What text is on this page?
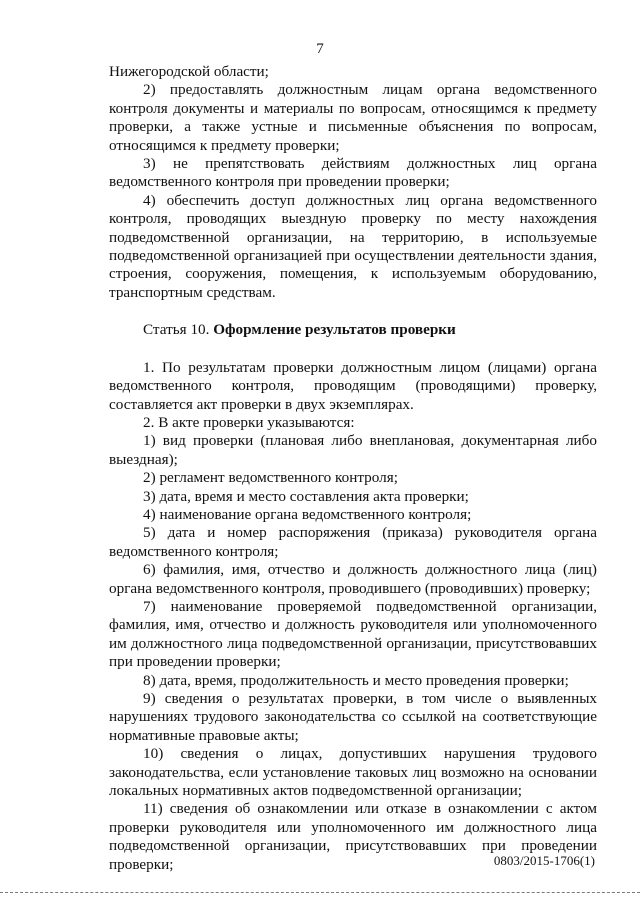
7

Нижегородской области;

2) предоставлять должностным лицам органа ведомственного контроля документы и материалы по вопросам, относящимся к предмету проверки, а также устные и письменные объяснения по вопросам, относящимся к предмету проверки;

3) не препятствовать действиям должностных лиц органа ведомственного контроля при проведении проверки;

4) обеспечить доступ должностных лиц органа ведомственного контроля, проводящих выездную проверку по месту нахождения подведомственной организации, на территорию, в используемые подведомственной организацией при осуществлении деятельности здания, строения, сооружения, помещения, к используемым оборудованию, транспортным средствам.

Статья 10. Оформление результатов проверки

1. По результатам проверки должностным лицом (лицами) органа ведомственного контроля, проводящим (проводящими) проверку, составляется акт проверки в двух экземплярах.

2. В акте проверки указываются:

1) вид проверки (плановая либо внеплановая, документарная либо выездная);

2) регламент ведомственного контроля;

3) дата, время и место составления акта проверки;

4) наименование органа ведомственного контроля;

5) дата и номер распоряжения (приказа) руководителя органа ведомственного контроля;

6) фамилия, имя, отчество и должность должностного лица (лиц) органа ведомственного контроля, проводившего (проводивших) проверку;

7) наименование проверяемой подведомственной организации, фамилия, имя, отчество и должность руководителя или уполномоченного им должностного лица подведомственной организации, присутствовавших при проведении проверки;

8) дата, время, продолжительность и место проведения проверки;

9) сведения о результатах проверки, в том числе о выявленных нарушениях трудового законодательства со ссылкой на соответствующие нормативные правовые акты;

10) сведения о лицах, допустивших нарушения трудового законодательства, если установление таковых лиц возможно на основании локальных нормативных актов подведомственной организации;

11) сведения об ознакомлении или отказе в ознакомлении с актом проверки руководителя или уполномоченного им должностного лица подведомственной организации, присутствовавших при проведении проверки;	0803/2015-1706(1)
